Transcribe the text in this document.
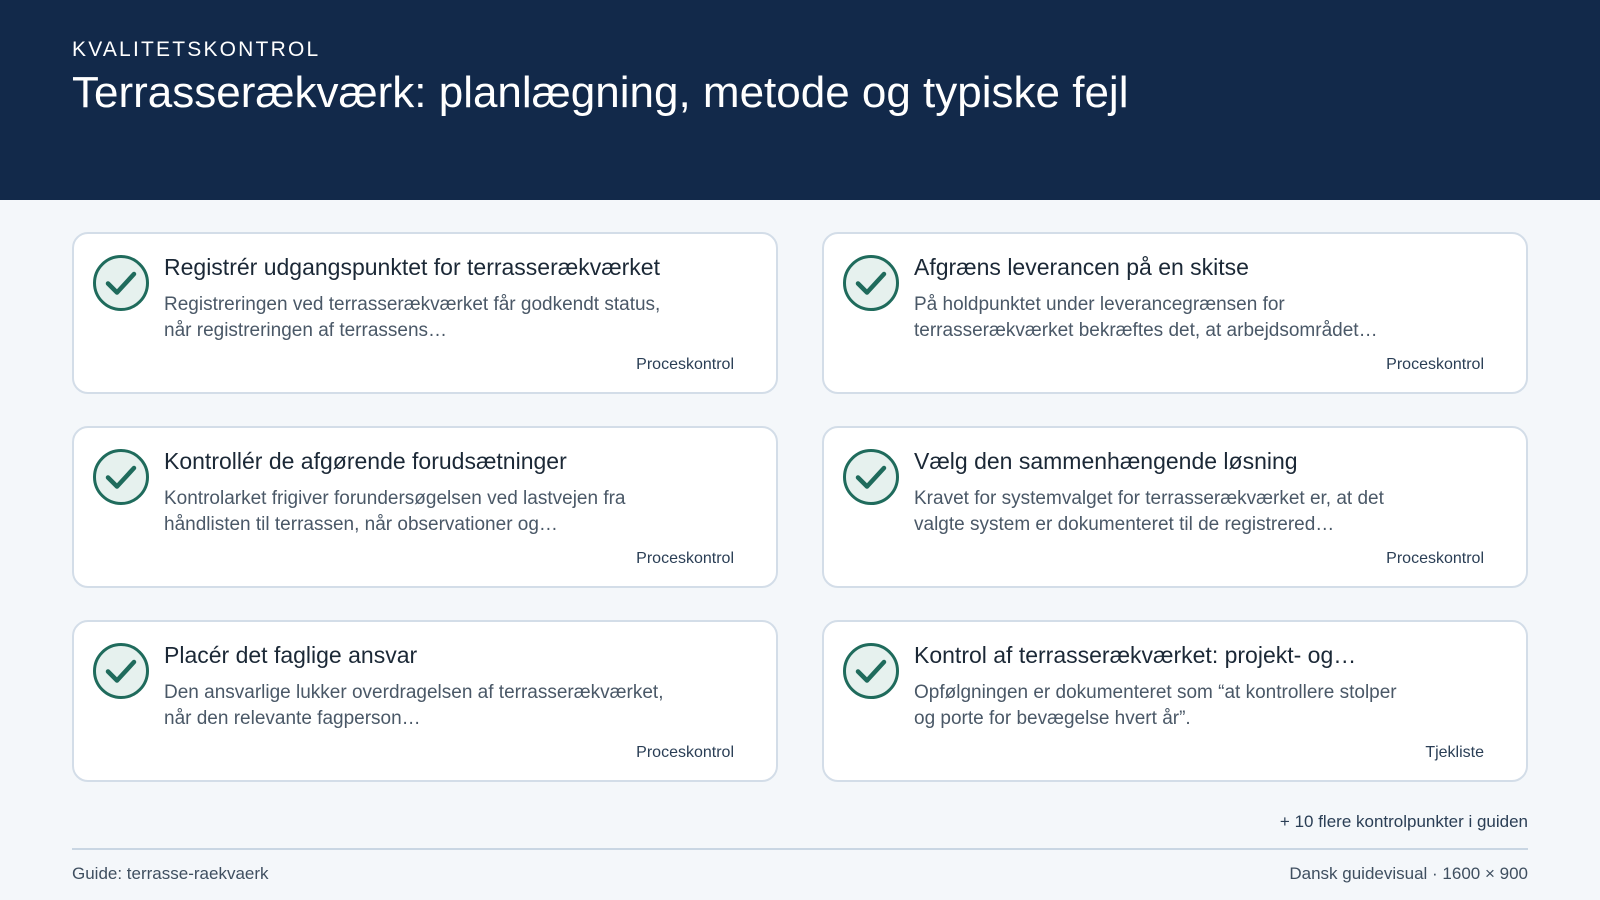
KVALITETSKONTROL
Terrasserækværk: planlægning, metode og typiske fejl
Registrér udgangspunktet for terrasserækværket
Registreringen ved terrasserækværket får godkendt status, når registreringen af terrassens…
Proceskontrol
Afgræns leverancen på en skitse
På holdpunktet under leverancegrænsen for terrasserækværket bekræftes det, at arbejdsområdet…
Proceskontrol
Kontrollér de afgørende forudsætninger
Kontrolarket frigiver forundersøgelsen ved lastvejen fra håndlisten til terrassen, når observationer og…
Proceskontrol
Vælg den sammenhængende løsning
Kravet for systemvalget for terrasserækværket er, at det valgte system er dokumenteret til de registrered…
Proceskontrol
Placér det faglige ansvar
Den ansvarlige lukker overdragelsen af terrasserækværket, når den relevante fagperson…
Proceskontrol
Kontrol af terrasserækværket: projekt- og…
Opfølgningen er dokumenteret som “at kontrollere stolper og porte for bevægelse hvert år”.
Tjekliste
+ 10 flere kontrolpunkter i guiden
Guide: terrasse-raekvaerk	Dansk guidevisual · 1600 × 900
